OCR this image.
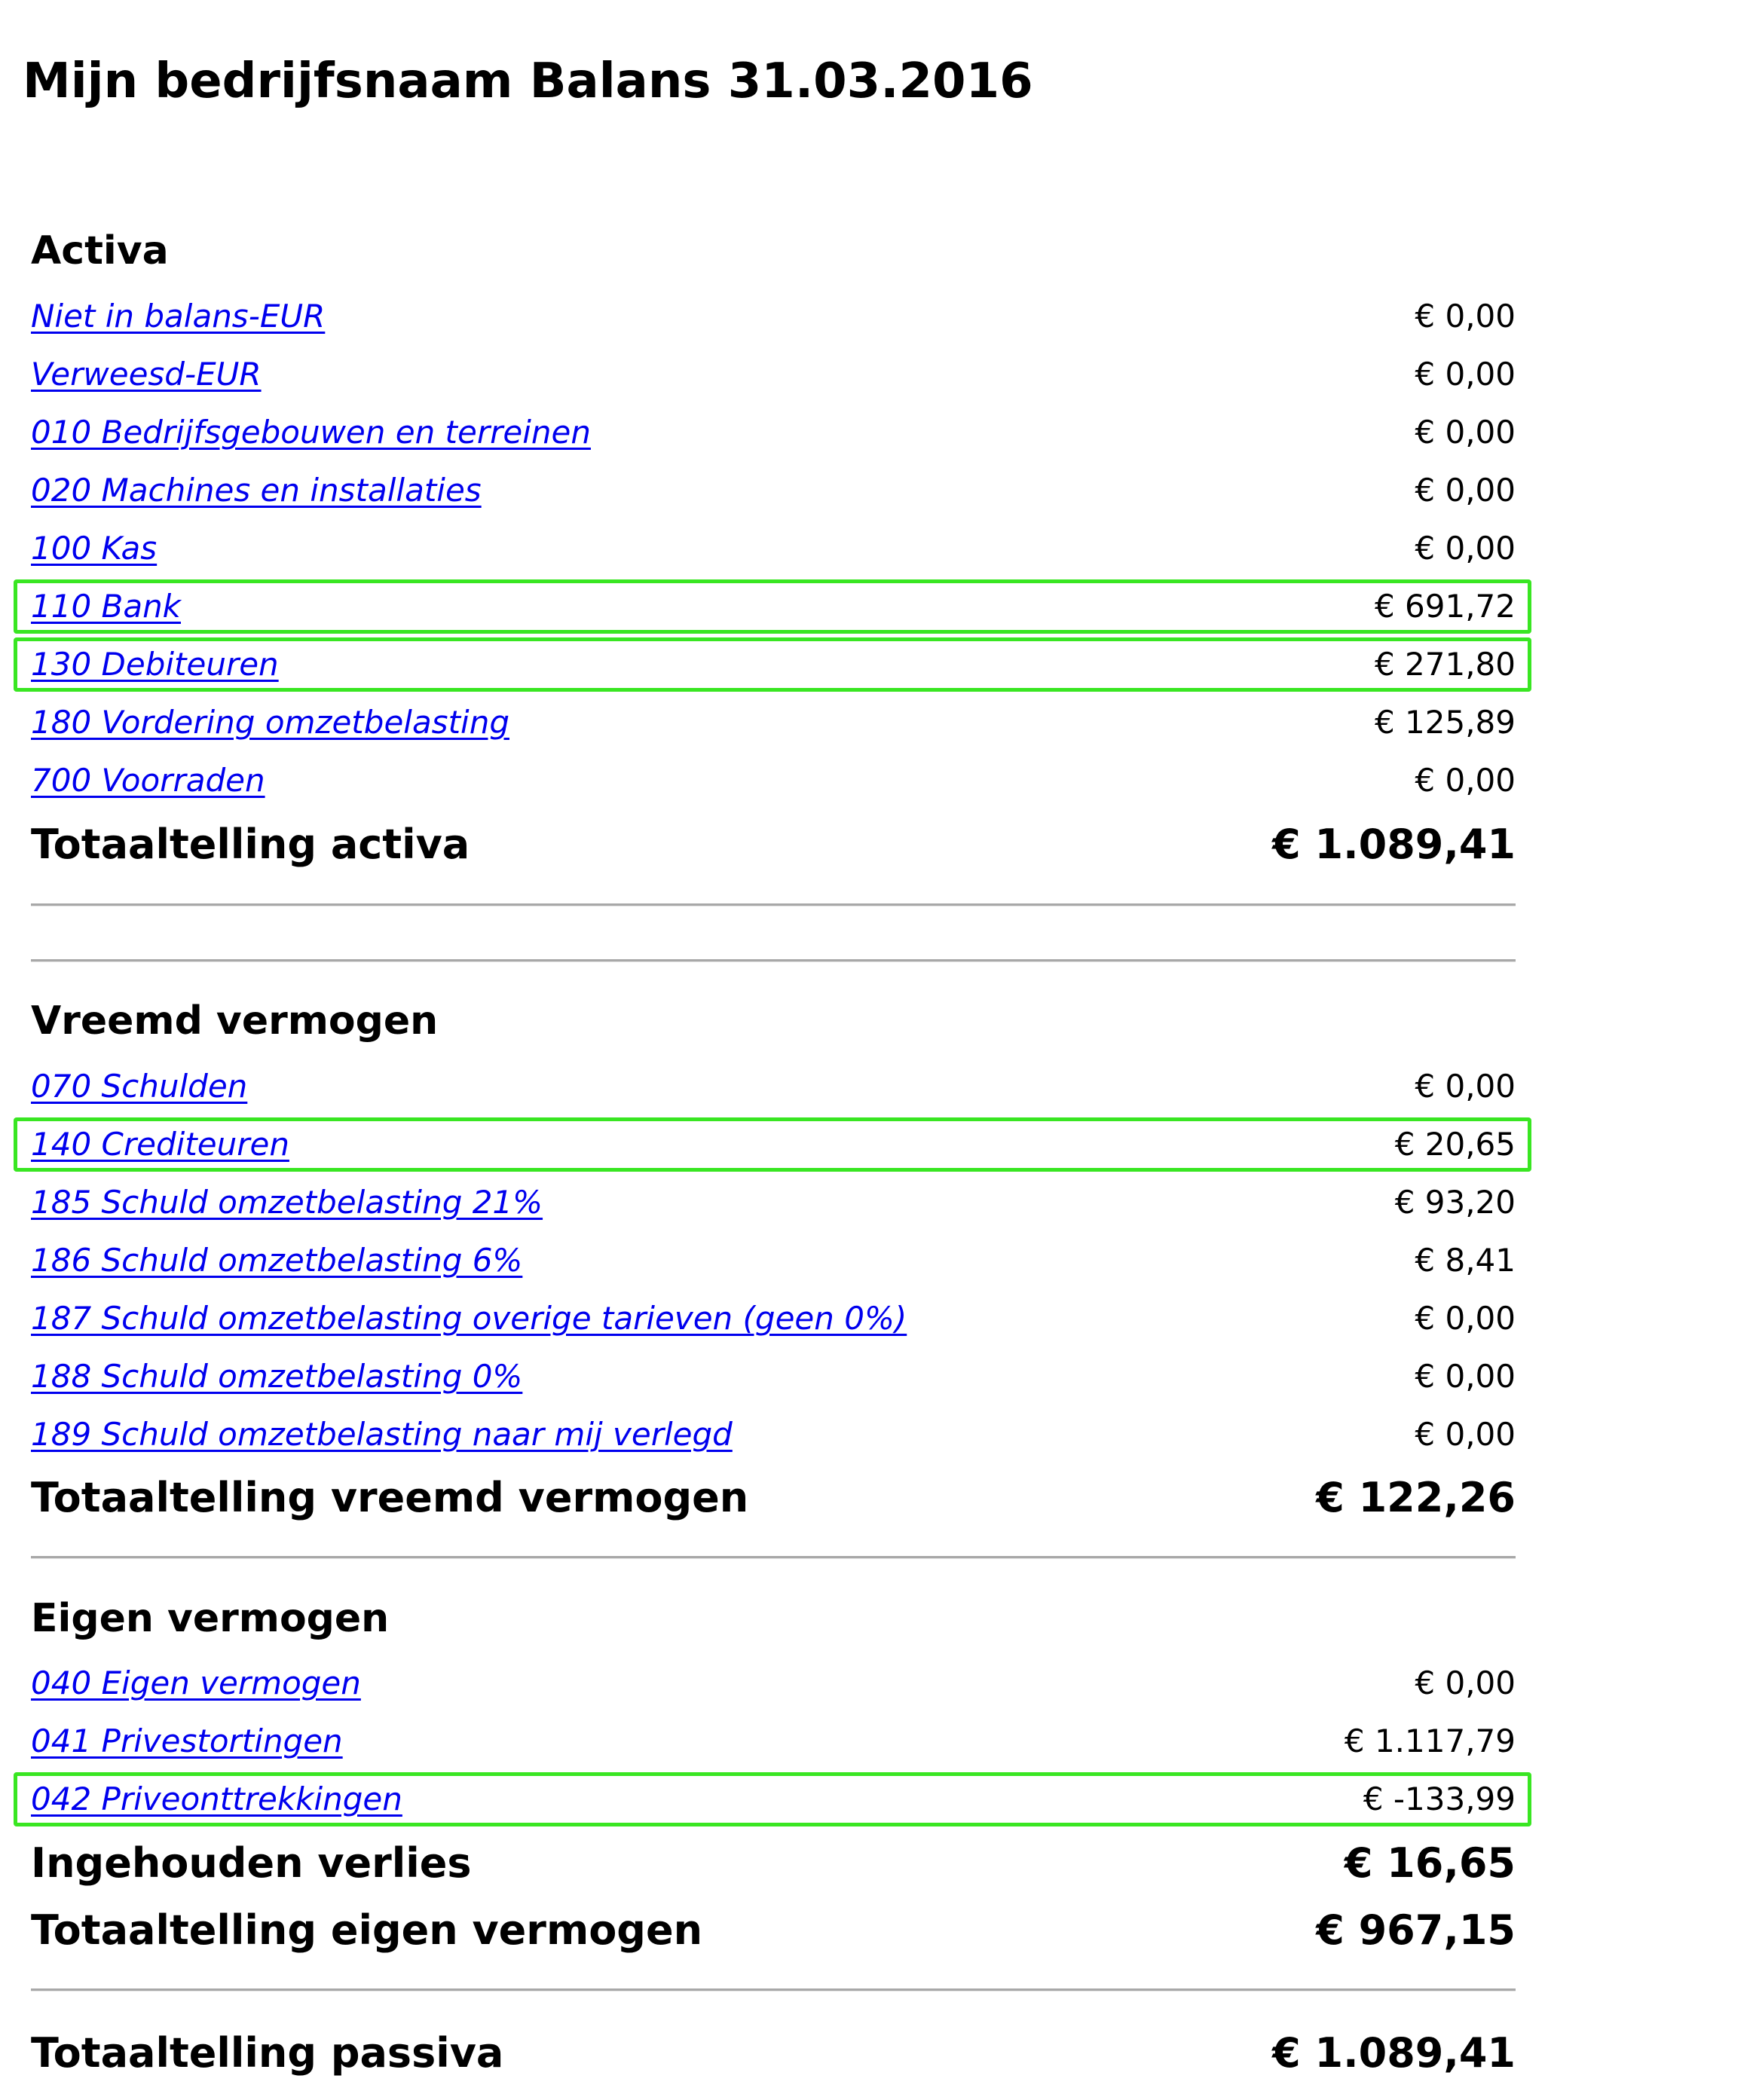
Mijn bedrijfsnaam Balans 31.03.2016
Activa
Niet in balans-EUR	€ 0,00
Verweesd-EUR	€ 0,00
010 Bedrijfsgebouwen en terreinen	€ 0,00
020 Machines en installaties	€ 0,00
100 Kas	€ 0,00
110 Bank	€ 691,72
130 Debiteuren	€ 271,80
180 Vordering omzetbelasting	€ 125,89
700 Voorraden	€ 0,00
Totaaltelling activa	€ 1.089,41
Vreemd vermogen
070 Schulden	€ 0,00
140 Crediteuren	€ 20,65
185 Schuld omzetbelasting 21%	€ 93,20
186 Schuld omzetbelasting 6%	€ 8,41
187 Schuld omzetbelasting overige tarieven (geen 0%)	€ 0,00
188 Schuld omzetbelasting 0%	€ 0,00
189 Schuld omzetbelasting naar mij verlegd	€ 0,00
Totaaltelling vreemd vermogen	€ 122,26
Eigen vermogen
040 Eigen vermogen	€ 0,00
041 Privestortingen	€ 1.117,79
042 Priveonttrekkingen	€ -133,99
Ingehouden verlies	€ 16,65
Totaaltelling eigen vermogen	€ 967,15
Totaaltelling passiva	€ 1.089,41
